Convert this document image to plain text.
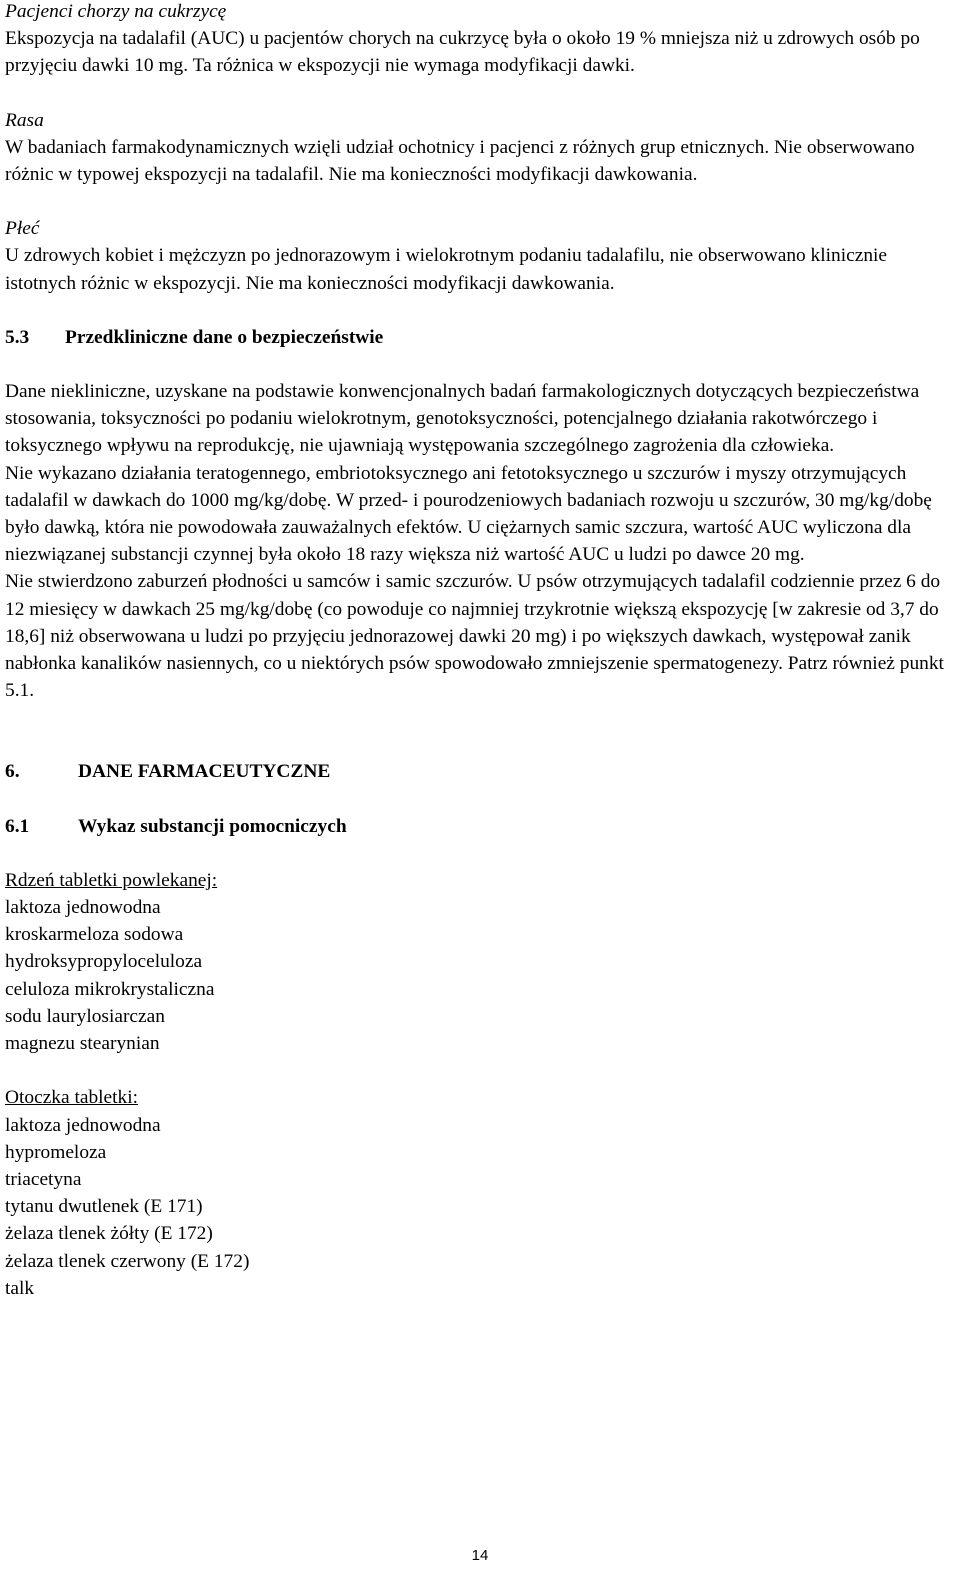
Pacjenci chorzy na cukrzycę

Ekspozycja na tadalafil (AUC) u pacjentów chorych na cukrzycę była o około 19 % mniejsza niż u zdrowych osób po przyjęciu dawki 10 mg. Ta różnica w ekspozycji nie wymaga modyfikacji dawki.

Rasa

W badaniach farmakodynamicznych wzięli udział ochotnicy i pacjenci z różnych grup etnicznych. Nie obserwowano różnic w typowej ekspozycji na tadalafil. Nie ma konieczności modyfikacji dawkowania.

Płeć

U zdrowych kobiet i mężczyzn po jednorazowym i wielokrotnym podaniu tadalafilu, nie obserwowano klinicznie istotnych różnic w ekspozycji. Nie ma konieczności modyfikacji dawkowania.

5.3	Przedkliniczne dane o bezpieczeństwie

Dane niekliniczne, uzyskane na podstawie konwencjonalnych badań farmakologicznych dotyczących bezpieczeństwa stosowania, toksyczności po podaniu wielokrotnym, genotoksyczności, potencjalnego działania rakotwórczego i toksycznego wpływu na reprodukcję, nie ujawniają występowania szczególnego zagrożenia dla człowieka.

Nie wykazano działania teratogennego, embriotoksycznego ani fetotoksycznego u szczurów i myszy otrzymujących tadalafil w dawkach do 1000 mg/kg/dobę. W przed- i pourodzeniowych badaniach rozwoju u szczurów, 30 mg/kg/dobę było dawką, która nie powodowała zauważalnych efektów. U ciężarnych samic szczura, wartość AUC wyliczona dla niezwiązanej substancji czynnej była około 18 razy większa niż wartość AUC u ludzi po dawce 20 mg.

Nie stwierdzono zaburzeń płodności u samców i samic szczurów. U psów otrzymujących tadalafil codziennie przez 6 do 12 miesięcy w dawkach 25 mg/kg/dobę (co powoduje co najmniej trzykrotnie większą ekspozycję [w zakresie od 3,7 do 18,6] niż obserwowana u ludzi po przyjęciu jednorazowej dawki 20 mg) i po większych dawkach, występował zanik nabłonka kanalików nasiennych, co u niektórych psów spowodowało zmniejszenie spermatogenezy. Patrz również punkt 5.1.

6.	DANE FARMACEUTYCZNE
6.1	Wykaz substancji pomocniczych

Rdzeń tabletki powlekanej:

laktoza jednowodna
kroskarmeloza sodowa
hydroksypropyloceluloza
celuloza mikrokrystaliczna
sodu laurylosiarczan
magnezu stearynian

Otoczka tabletki:

laktoza jednowodna
hypromeloza
triacetyna
tytanu dwutlenek (E 171)
żelaza tlenek żółty (E 172)
żelaza tlenek czerwony (E 172)
talk
14
